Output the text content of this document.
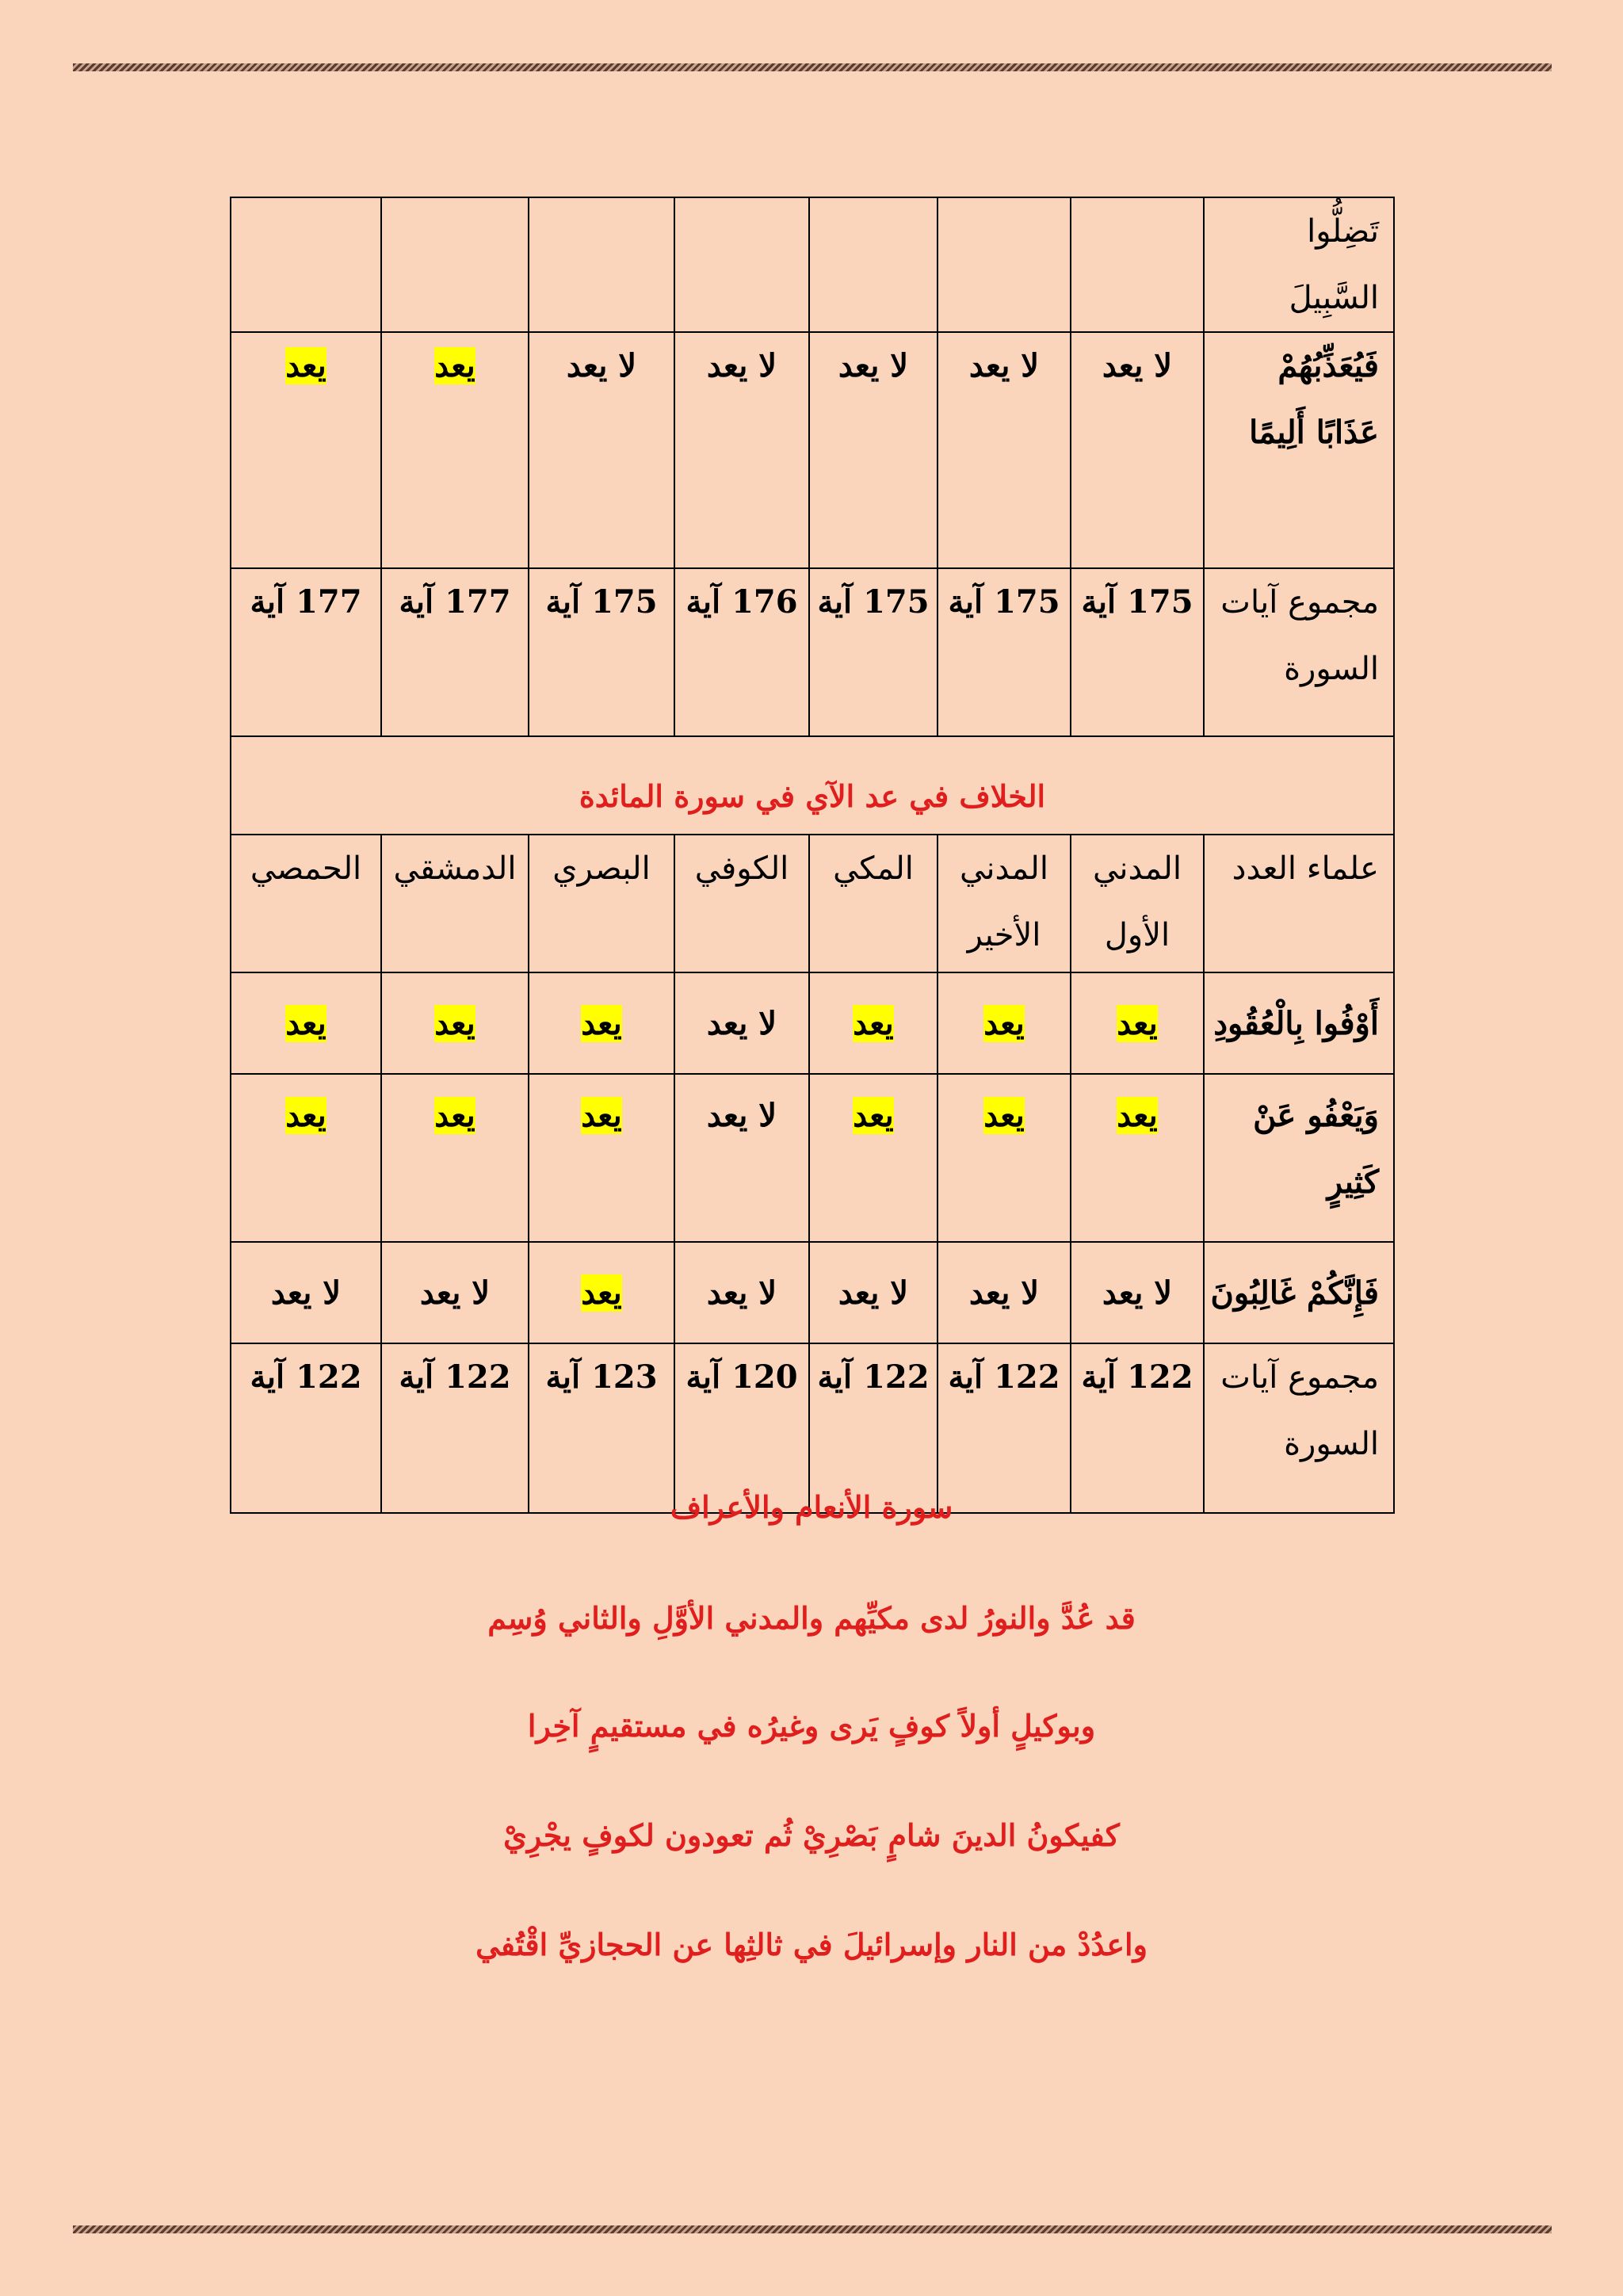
تَضِلُّوا السَّبِيلَ							
فَيُعَذِّبُهُمْ عَذَابًا أَلِيمًا	لا يعد	لا يعد	لا يعد	لا يعد	لا يعد	يعد	يعد
مجموع آيات السورة	175 آية	175 آية	175 آية	176 آية	175 آية	177 آية	177 آية
الخلاف في عد الآي في سورة المائدة							
علماء العدد	المدني الأول	المدني الأخير	المكي	الكوفي	البصري	الدمشقي	الحمصي
أَوْفُوا بِالْعُقُودِ	يعد	يعد	يعد	لا يعد	يعد	يعد	يعد
وَيَعْفُو عَنْ كَثِيرٍ	يعد	يعد	يعد	لا يعد	يعد	يعد	يعد
فَإِنَّكُمْ غَالِبُونَ	لا يعد	لا يعد	لا يعد	لا يعد	يعد	لا يعد	لا يعد
مجموع آيات السورة	122 آية	122 آية	122 آية	120 آية	123 آية	122 آية	122 آية
سورة الأنعام والأعراف
قد عُدَّ والنورُ لدى مكيِّهم والمدني الأوَّلِ والثاني وُسِم
وبوكيلٍ أولاً كوفٍ يَرى وغيرُه في مستقيمٍ آخِرا
كفيكونُ الدينَ شامٍ بَصْرِيْ ثُم تعودون لكوفٍ يجْرِيْ
واعدُدْ من النار وإسرائيلَ في ثالثِها عن الحجازيِّ اقْتُفي
